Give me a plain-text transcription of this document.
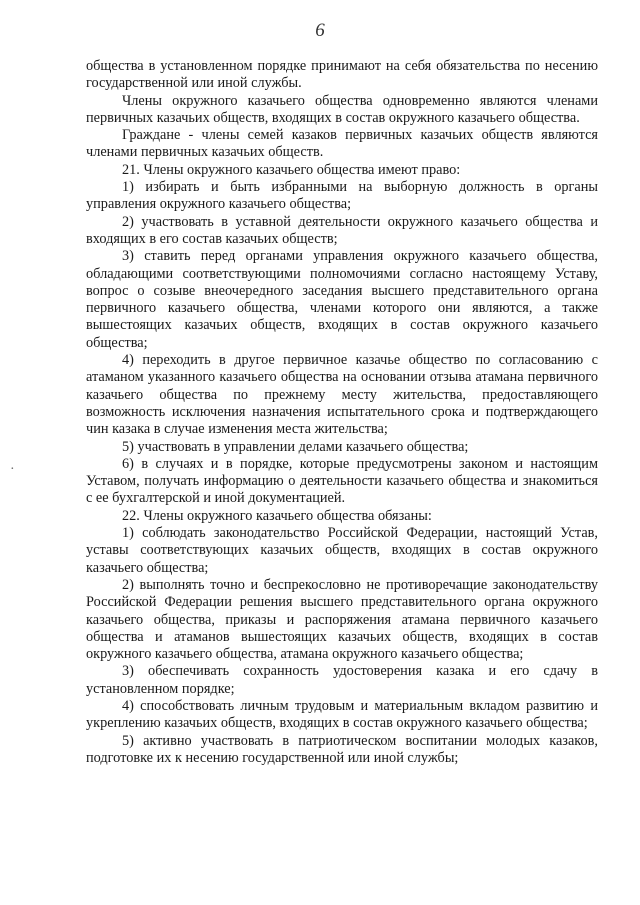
6
·

общества в установленном порядке принимают на себя обязательства по несению государственной или иной службы.

Члены окружного казачьего общества одновременно являются членами первичных казачьих обществ, входящих в состав окружного казачьего общества.

Граждане - члены семей казаков первичных казачьих обществ являются членами первичных казачьих обществ.

21. Члены окружного казачьего общества имеют право:

1) избирать и быть избранными на выборную должность в органы управления окружного казачьего общества;

2) участвовать в уставной деятельности окружного казачьего общества и входящих в его состав казачьих обществ;

3) ставить перед органами управления окружного казачьего общества, обладающими соответствующими полномочиями согласно настоящему Уставу, вопрос о созыве внеочередного заседания высшего представительного органа первичного казачьего общества, членами которого они являются, а также вышестоящих казачьих обществ, входящих в состав окружного казачьего общества;

4) переходить в другое первичное казачье общество по согласованию с атаманом указанного казачьего общества на основании отзыва атамана первичного казачьего общества по прежнему месту жительства, предоставляющего возможность исключения назначения испытательного срока и подтверждающего чин казака в случае изменения места жительства;

5) участвовать в управлении делами казачьего общества;

6) в случаях и в порядке, которые предусмотрены законом и настоящим Уставом, получать информацию о деятельности казачьего общества и знакомиться с ее бухгалтерской и иной документацией.

22. Члены окружного казачьего общества обязаны:

1) соблюдать законодательство Российской Федерации, настоящий Устав, уставы соответствующих казачьих обществ, входящих в состав окружного казачьего общества;

2) выполнять точно и беспрекословно не противоречащие законодательству Российской Федерации решения высшего представительного органа окружного казачьего общества, приказы и распоряжения атамана первичного казачьего общества и атаманов вышестоящих казачьих обществ, входящих в состав окружного казачьего общества, атамана окружного казачьего общества;

3) обеспечивать сохранность удостоверения казака и его сдачу в установленном порядке;

4) способствовать личным трудовым и материальным вкладом развитию и укреплению казачьих обществ, входящих в состав окружного казачьего общества;

5) активно участвовать в патриотическом воспитании молодых казаков, подготовке их к несению государственной или иной службы;
